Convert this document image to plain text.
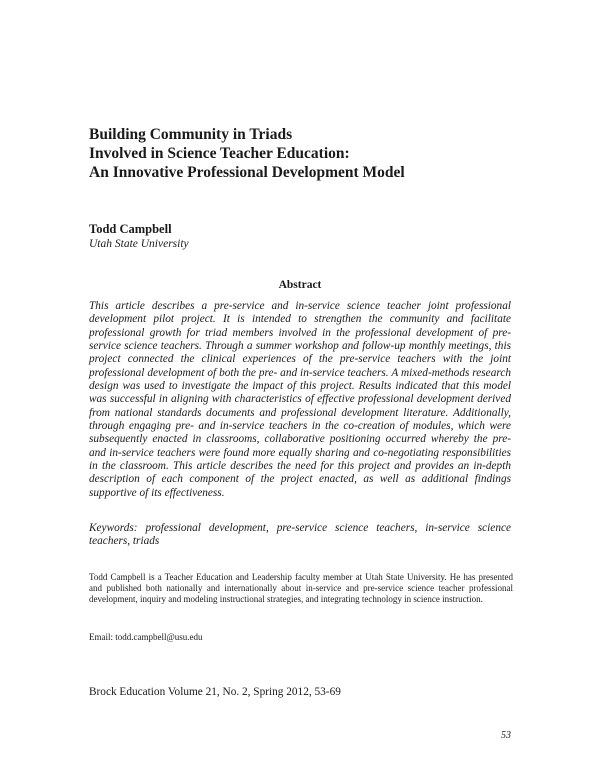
Building Community in Triads
Involved in Science Teacher Education:
An Innovative Professional Development Model
Todd Campbell
Utah State University
Abstract

This article describes a pre-service and in-service science teacher joint professional development pilot project. It is intended to strengthen the community and facilitate professional growth for triad members involved in the professional development of pre-service science teachers. Through a summer workshop and follow-up monthly meetings, this project connected the clinical experiences of the pre-service teachers with the joint professional development of both the pre- and in-service teachers. A mixed-methods research design was used to investigate the impact of this project. Results indicated that this model was successful in aligning with characteristics of effective professional development derived from national standards documents and professional development literature. Additionally, through engaging pre- and in-service teachers in the co-creation of modules, which were subsequently enacted in classrooms, collaborative positioning occurred whereby the pre- and in-service teachers were found more equally sharing and co-negotiating responsibilities in the classroom. This article describes the need for this project and provides an in-depth description of each component of the project enacted, as well as additional findings supportive of its effectiveness.

Keywords: professional development, pre-service science teachers, in-service science teachers, triads

Todd Campbell is a Teacher Education and Leadership faculty member at Utah State University. He has presented and published both nationally and internationally about in-service and pre-service science teacher professional development, inquiry and modeling instructional strategies, and integrating technology in science instruction.

Email: todd.campbell@usu.edu
Brock Education Volume 21, No. 2, Spring 2012, 53-69
53
